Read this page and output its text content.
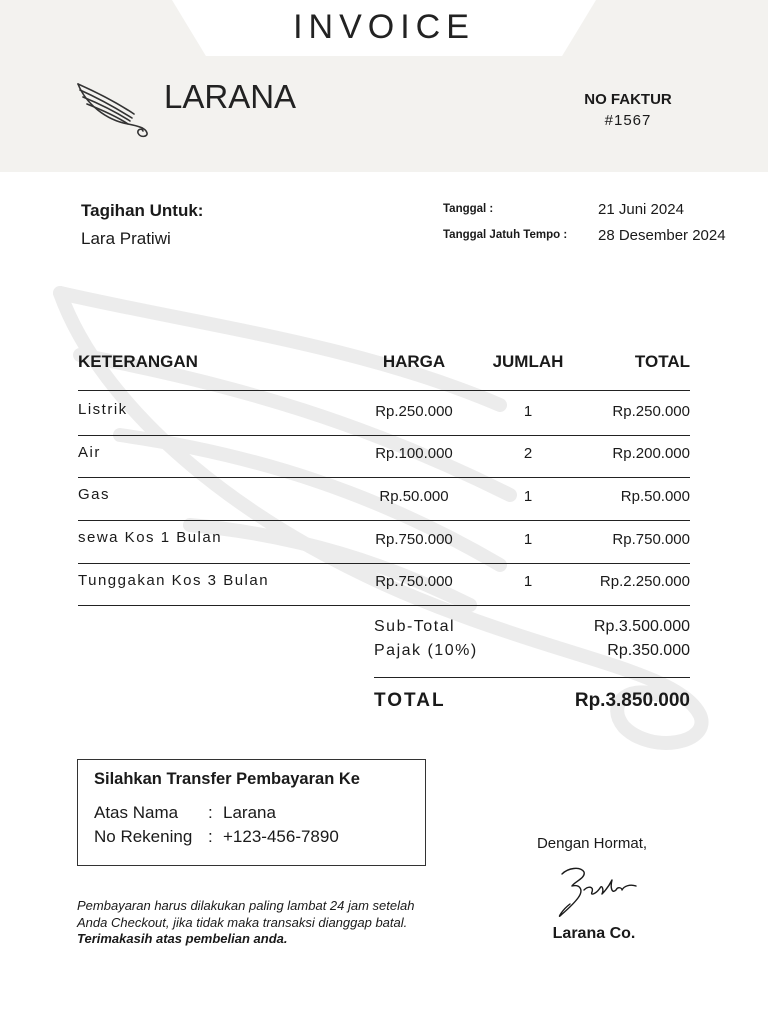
INVOICE
LARANA	NO FAKTUR
#1567
Tagihan Untuk:
Lara Pratiwi
Tanggal :	21 Juni 2024
Tanggal Jatuh Tempo : 28 Desember 2024
KETERANGAN	HARGA	JUMLAH	TOTAL
Listrik	Rp.250.000	1	Rp.250.000
Air	Rp.100.000	2	Rp.200.000
Gas	Rp.50.000	1	Rp.50.000
sewa Kos 1 Bulan	Rp.750.000	1	Rp.750.000
Tunggakan Kos 3 Bulan	Rp.750.000	1	Rp.2.250.000
Sub-Total	Rp.3.500.000
Pajak (10%)	Rp.350.000
TOTAL	Rp.3.850.000
Silahkan Transfer Pembayaran Ke
Atas Nama : Larana
No Rekening : +123-456-7890
Pembayaran harus dilakukan paling lambat 24 jam setelah Anda Checkout, jika tidak maka transaksi dianggap batal. Terimakasih atas pembelian anda.
Dengan Hormat,
Larana Co.
